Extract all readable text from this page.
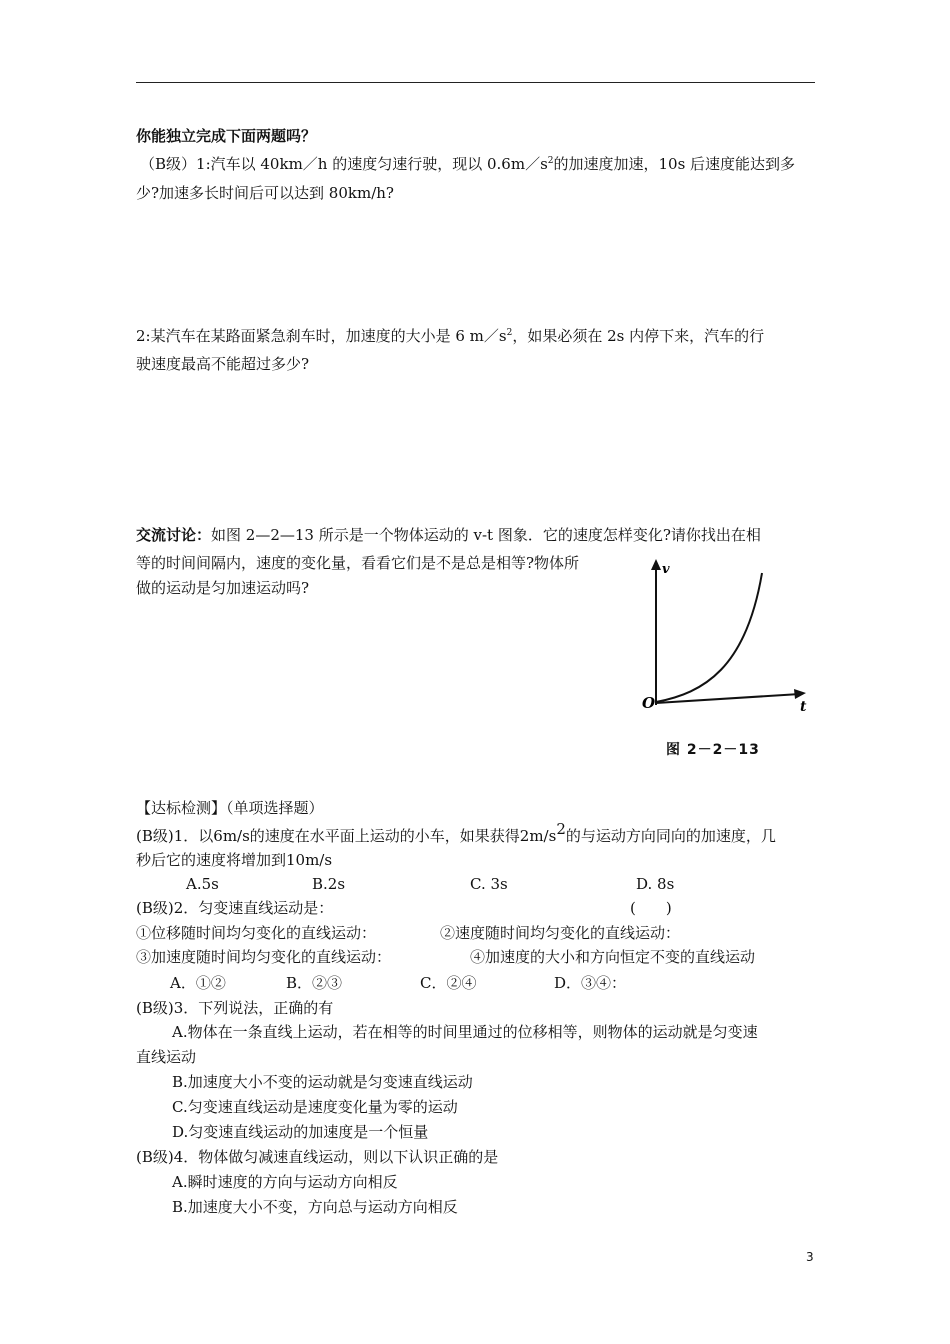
你能独立完成下面两题吗？
（B级）1:汽车以 40km／h 的速度匀速行驶，现以 $0.6m/s^2$的加速度加速，10s 后速度能达到多
少?加速多长时间后可以达到 80km/h?
2:某汽车在某路面紧急刹车时，加速度的大小是 6 $m/s^2$，如果必须在 2s 内停下来，汽车的行
驶速度最高不能超过多少?
交流讨论：如图 2—2—13 所示是一个物体运动的 v-t 图象．它的速度怎样变化?请你找出在相
等的时间间隔内，速度的变化量，看看它们是不是总是相等?物体所
做的运动是匀加速运动吗?
O
v
t
图 2－2－13
【达标检测】（单项选择题）
(B级)1．以6m/s的速度在水平面上运动的小车，如果获得$2m/s^2$的与运动方向同向的加速度，几
秒后它的速度将增加到10m/s
A.5s	B.2s	C. 3s	D. 8s
(B级)2．匀变速直线运动是：	(　　)
①位移随时间均匀变化的直线运动：	②速度随时间均匀变化的直线运动：
③加速度随时间均匀变化的直线运动：	④加速度的大小和方向恒定不变的直线运动
A．①②	B．②③	C．②④	D．③④：
(B级)3．下列说法，正确的有
A.物体在一条直线上运动，若在相等的时间里通过的位移相等，则物体的运动就是匀变速
直线运动
B.加速度大小不变的运动就是匀变速直线运动
C.匀变速直线运动是速度变化量为零的运动
D.匀变速直线运动的加速度是一个恒量
(B级)4．物体做匀减速直线运动，则以下认识正确的是
A.瞬时速度的方向与运动方向相反
B.加速度大小不变，方向总与运动方向相反
3
